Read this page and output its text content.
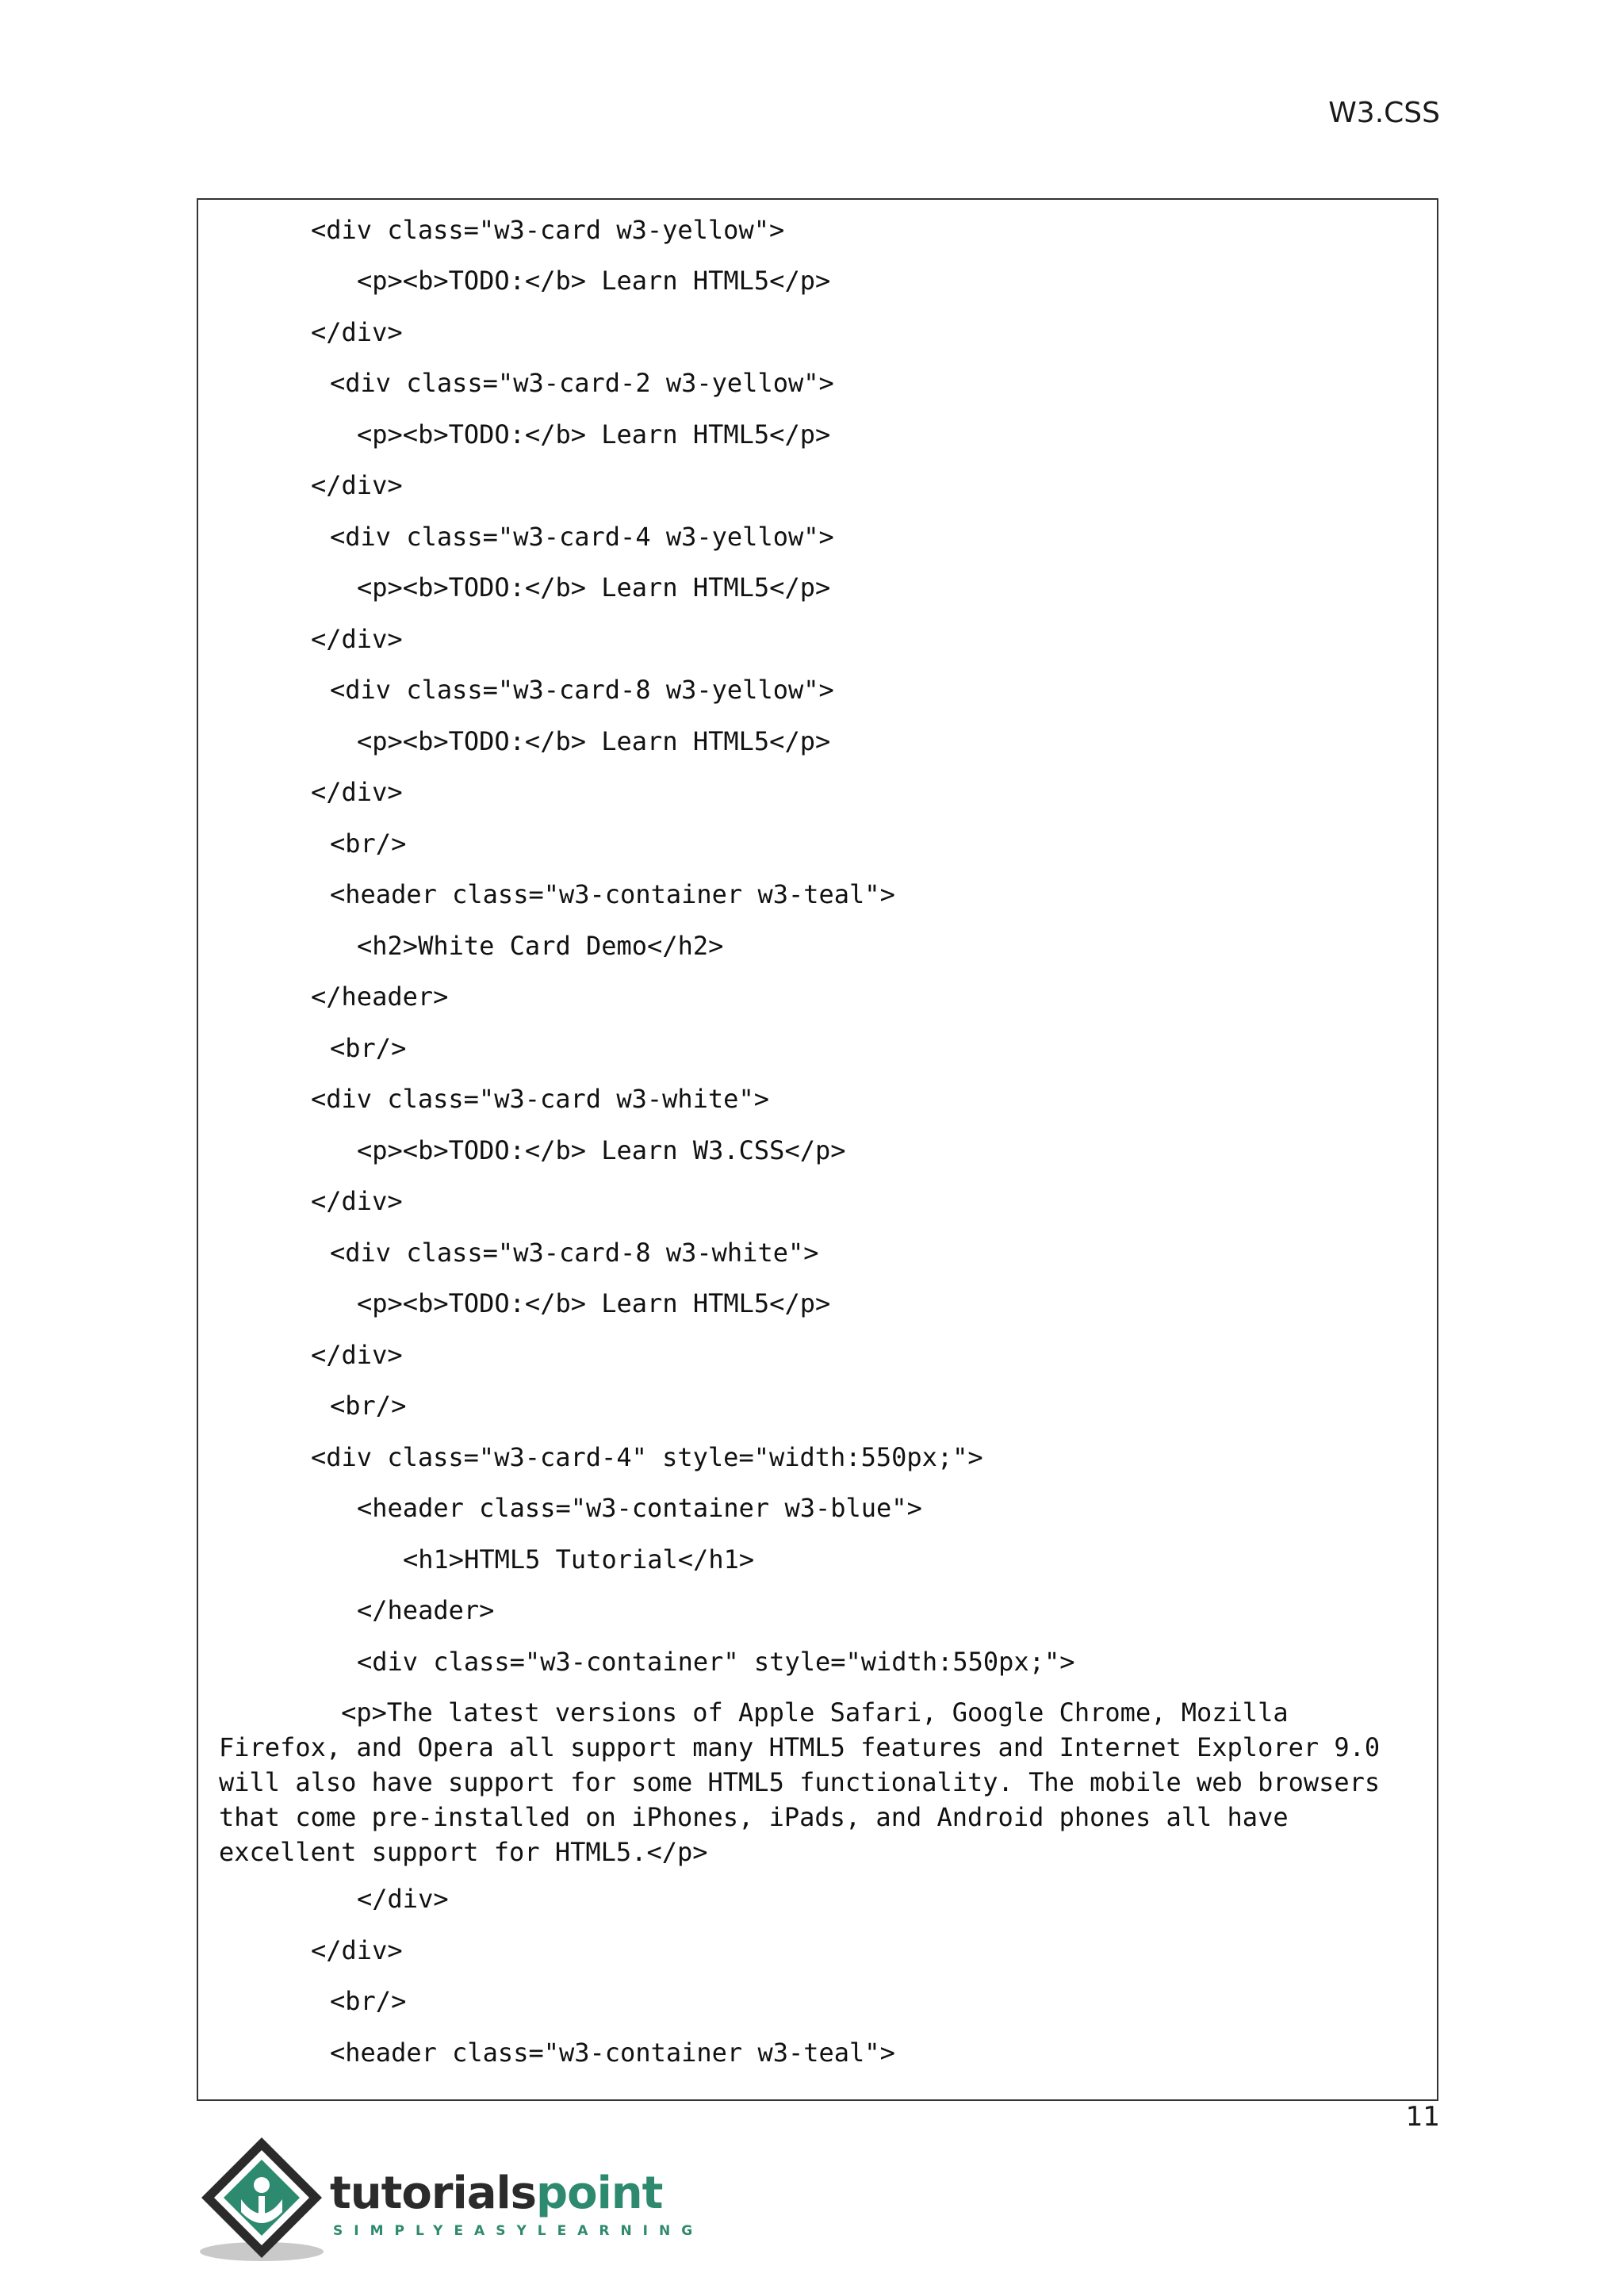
W3.CSS
<div class="w3-card w3-yellow">
<p><b>TODO:</b> Learn HTML5</p>
</div>
<div class="w3-card-2 w3-yellow">
<p><b>TODO:</b> Learn HTML5</p>
</div>
<div class="w3-card-4 w3-yellow">
<p><b>TODO:</b> Learn HTML5</p>
</div>
<div class="w3-card-8 w3-yellow">
<p><b>TODO:</b> Learn HTML5</p>
</div>
<br/>
<header class="w3-container w3-teal">
<h2>White Card Demo</h2>
</header>
<br/>
<div class="w3-card w3-white">
<p><b>TODO:</b> Learn W3.CSS</p>
</div>
<div class="w3-card-8 w3-white">
<p><b>TODO:</b> Learn HTML5</p>
</div>
<br/>
<div class="w3-card-4" style="width:550px;">
<header class="w3-container w3-blue">
<h1>HTML5 Tutorial</h1>
</header>
<div class="w3-container" style="width:550px;">
<p>The latest versions of Apple Safari, Google Chrome, Mozilla Firefox, and Opera all support many HTML5 features and Internet Explorer 9.0 will also have support for some HTML5 functionality. The mobile web browsers that come pre-installed on iPhones, iPads, and Android phones all have excellent support for HTML5.</p>
</div>
</div>
<br/>
<header class="w3-container w3-teal">
11
tutorialspoint
SIMPLYEASYLEARNING
